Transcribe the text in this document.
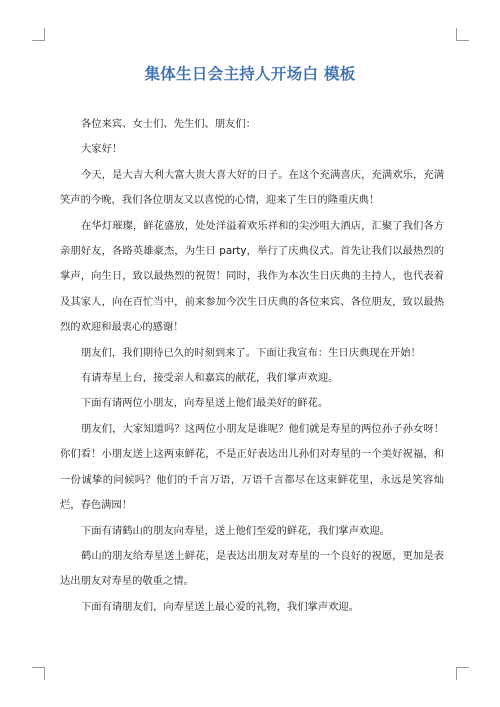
集体生日会主持人开场白 模板

各位来宾、女士们、先生们、朋友们：

大家好！

今天，是大吉大利大富大贵大喜大好的日子。在这个充满喜庆，充满欢乐，充满笑声的今晚，我们各位朋友又以喜悦的心情，迎来了生日的隆重庆典！

在华灯璀璨，鲜花盛放，处处洋溢着欢乐祥和的尖沙咀大酒店，汇聚了我们各方亲朋好友，各路英雄豪杰，为生日 party，举行了庆典仪式。首先让我们以最热烈的掌声，向生日，致以最热烈的祝贺！同时，我作为本次生日庆典的主持人，也代表着及其家人，向在百忙当中，前来参加今次生日庆典的各位来宾、各位朋友，致以最热烈的欢迎和最衷心的感谢！

朋友们，我们期待已久的时刻到来了。下面让我宣布：生日庆典现在开始！

有请寿星上台，接受亲人和嘉宾的献花，我们掌声欢迎。

下面有请两位小朋友，向寿星送上他们最美好的鲜花。

朋友们，大家知道吗？这两位小朋友是谁呢？他们就是寿星的两位孙子孙女呀！你们看！小朋友送上这两束鲜花，不是正好表达出儿孙们对寿星的一个美好祝福，和一份诚挚的问候吗？他们的千言万语，万语千言都尽在这束鲜花里，永远是笑容灿烂，春色满园！

下面有请鹤山的朋友向寿星，送上他们至爱的鲜花，我们掌声欢迎。

鹤山的朋友给寿星送上鲜花，是表达出朋友对寿星的一个良好的祝愿，更加是表达出朋友对寿星的敬重之情。

下面有请朋友们，向寿星送上最心爱的礼物，我们掌声欢迎。
